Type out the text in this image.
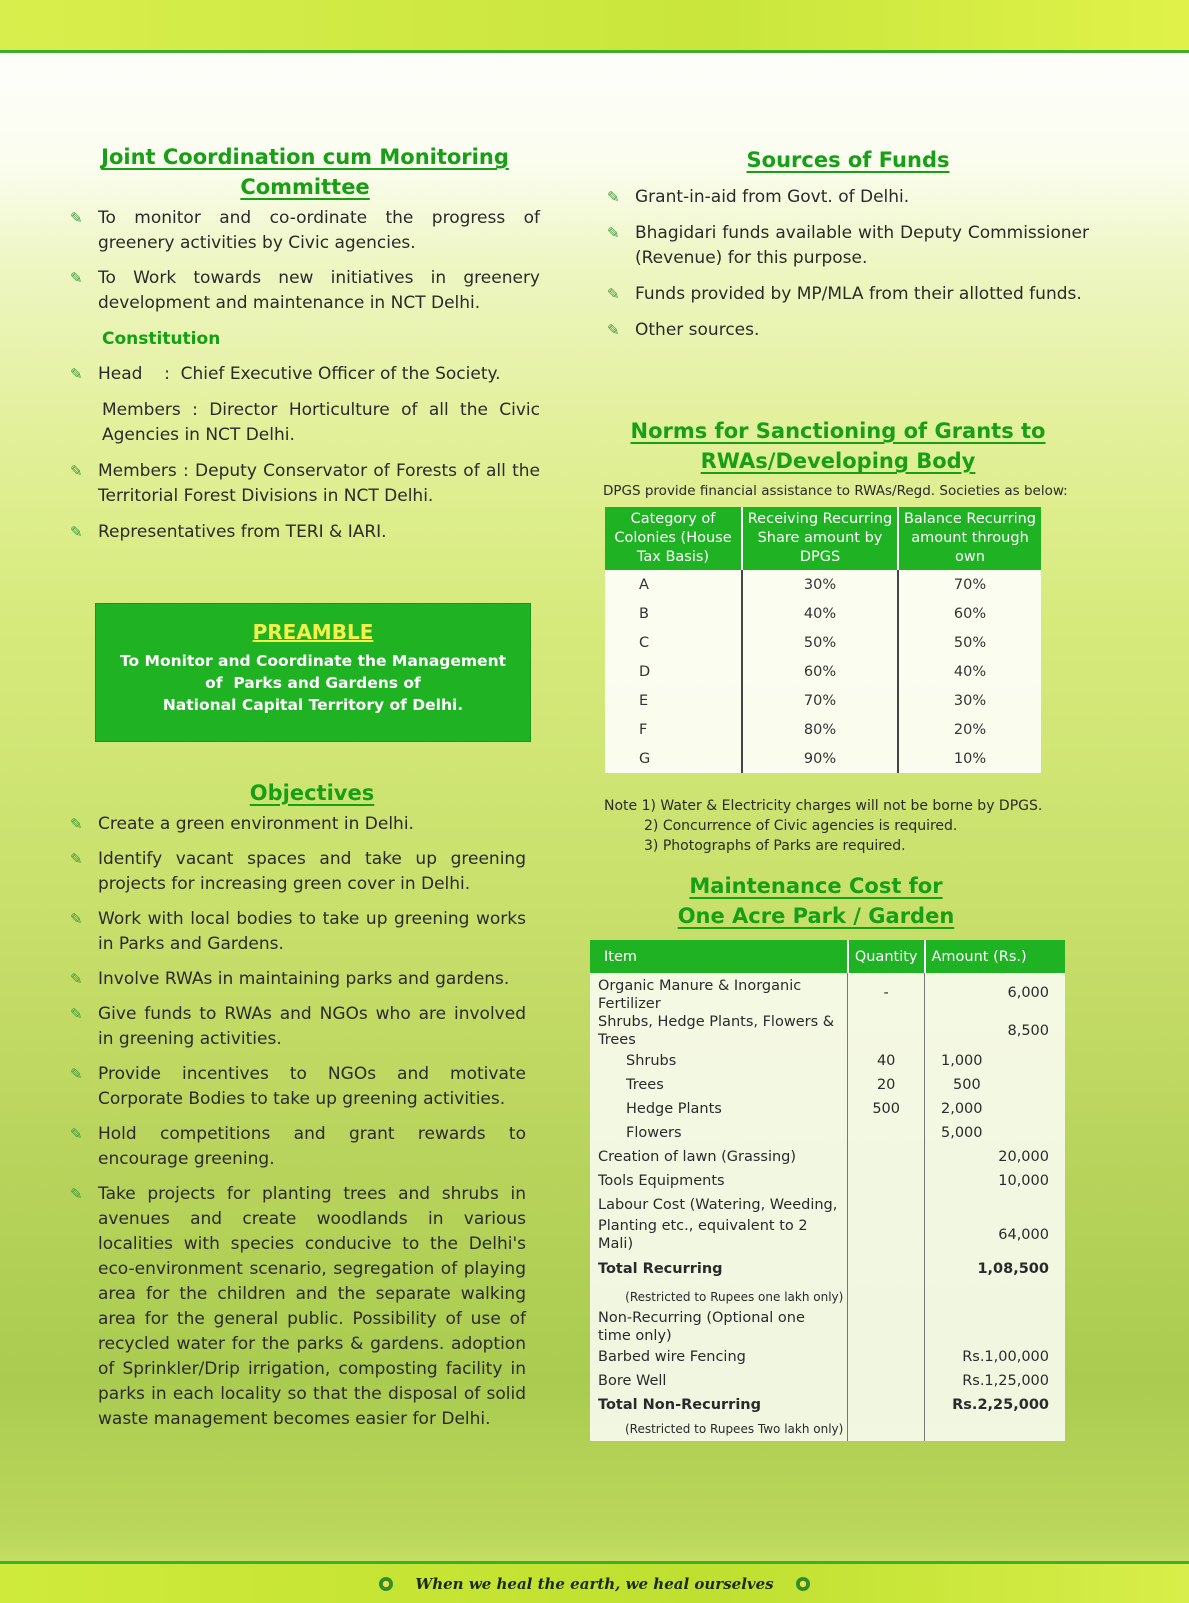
Joint Coordination cum Monitoring
Committee
✎
To monitor and co-ordinate the progress of greenery activities by Civic agencies.
✎
To Work towards new initiatives in greenery development and maintenance in NCT Delhi.

Constitution

✎
Head    :  Chief Executive Officer of the Society.

Members : Director Horticulture of all the Civic Agencies in NCT Delhi.

✎
Members : Deputy Conservator of Forests of all the Territorial Forest Divisions in NCT Delhi.
✎
Representatives from TERI & IARI.
PREAMBLE
To Monitor and Coordinate the Management
of  Parks and Gardens of
National Capital Territory of Delhi.
Objectives
✎
Create a green environment in Delhi.
✎
Identify vacant spaces and take up greening projects for increasing green cover in Delhi.
✎
Work with local bodies to take up greening works in Parks and Gardens.
✎
Involve RWAs in maintaining parks and gardens.
✎
Give funds to RWAs and NGOs who are involved in greening activities.
✎
Provide incentives to NGOs and motivate Corporate Bodies to take up greening activities.
✎
Hold competitions and grant rewards to encourage greening.
✎
Take projects for planting trees and shrubs in avenues and create woodlands in various localities with species conducive to the Delhi's eco-environment scenario, segregation of playing area for the children and the separate walking area for the general public. Possibility of use of recycled water for the parks & gardens. adoption of Sprinkler/Drip irrigation, composting facility in parks in each locality so that the disposal of solid waste management becomes easier for Delhi.
Sources of Funds
✎
Grant-in-aid from Govt. of Delhi.
✎
Bhagidari funds available with Deputy Commissioner (Revenue) for this purpose.
✎
Funds provided by MP/MLA from their allotted funds.
✎
Other sources.
Norms for Sanctioning of Grants to
RWAs/Developing Body
DPGS provide financial assistance to RWAs/Regd. Societies as below:
Category of Colonies (House Tax Basis)	Receiving Recurring Share amount by DPGS	Balance Recurring amount through own
A	30%	70%
B	40%	60%
C	50%	50%
D	60%	40%
E	70%	30%
F	80%	20%
G	90%	10%
Note 1) Water & Electricity charges will not be borne by DPGS.
2) Concurrence of Civic agencies is required.
3) Photographs of Parks are required.
Maintenance Cost for
One Acre Park / Garden
Item	Quantity	Amount (Rs.)
Organic Manure & Inorganic Fertilizer	-	6,000
Shrubs, Hedge Plants, Flowers & Trees		8,500
Shrubs	40	1,000
Trees	20	500
Hedge Plants	500	2,000
Flowers		5,000
Creation of lawn (Grassing)		20,000
Tools Equipments		10,000
Labour Cost (Watering, Weeding,		
Planting etc., equivalent to 2 Mali)		64,000
Total Recurring		1,08,500
(Restricted to Rupees one lakh only)		
Non-Recurring (Optional one time only)		
Barbed wire Fencing		Rs.1,00,000
Bore Well		Rs.1,25,000
Total Non-Recurring		Rs.2,25,000
(Restricted to Rupees Two lakh only)		
When we heal the earth, we heal ourselves
